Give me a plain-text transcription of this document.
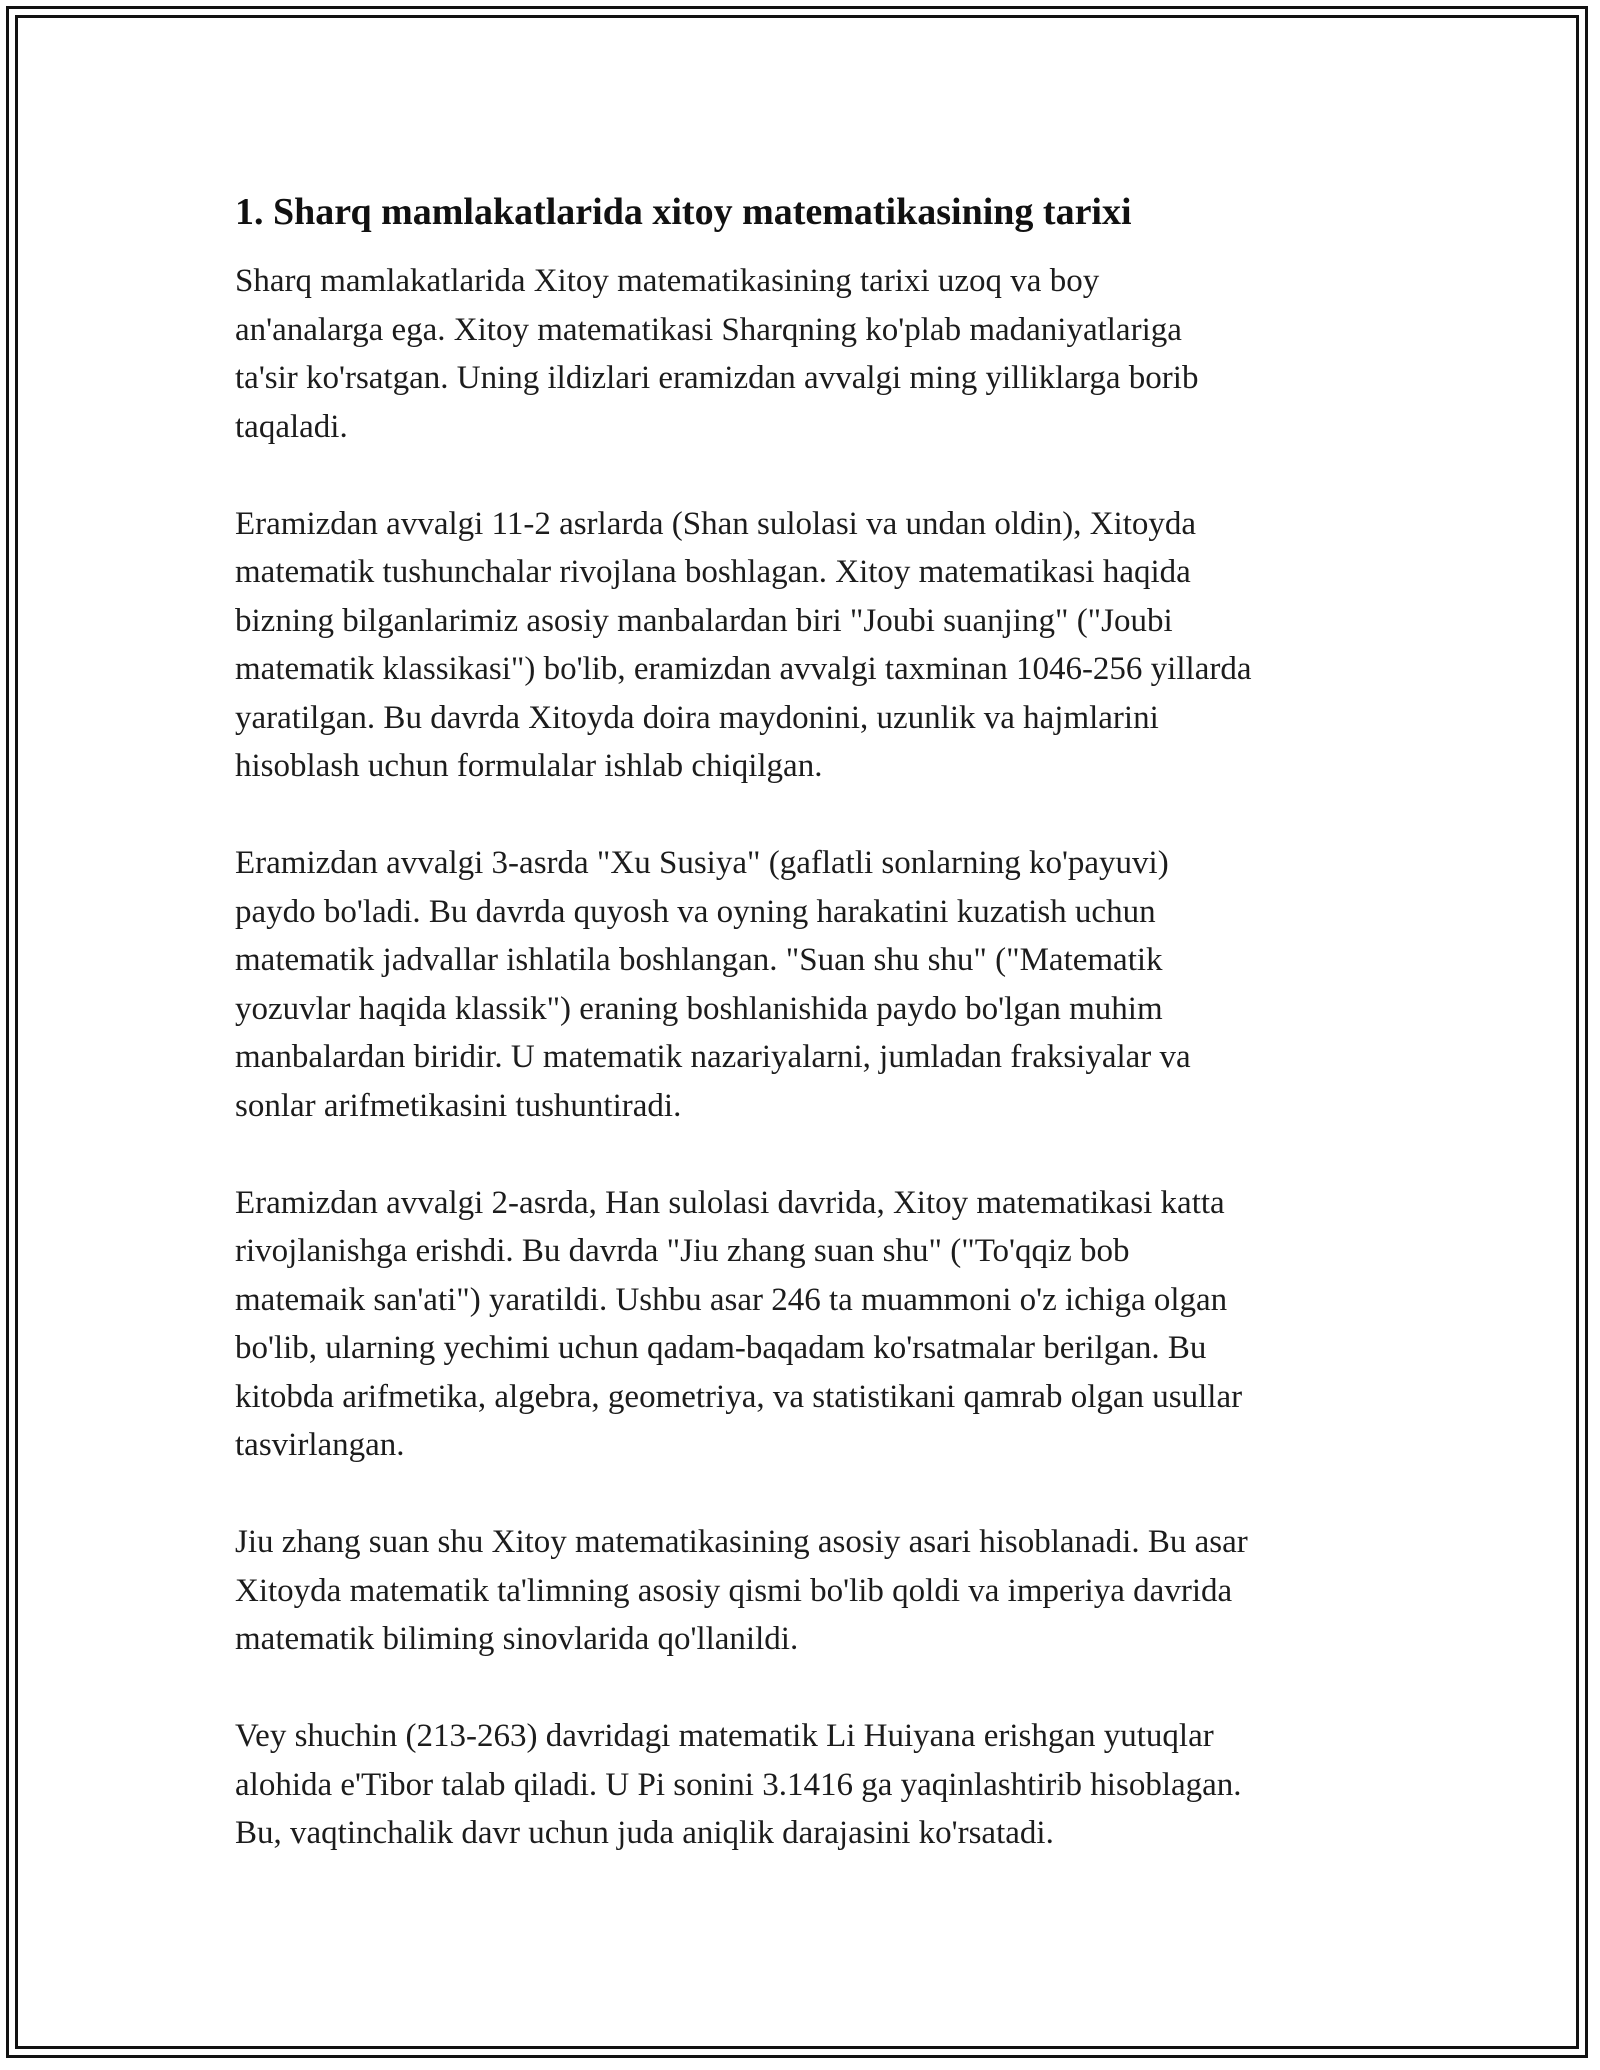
1. Sharq mamlakatlarida xitoy matematikasining tarixi

Sharq mamlakatlarida Xitoy matematikasining tarixi uzoq va boy
an'analarga ega. Xitoy matematikasi Sharqning ko'plab madaniyatlariga
ta'sir ko'rsatgan. Uning ildizlari eramizdan avvalgi ming yilliklarga borib
taqaladi.

Eramizdan avvalgi 11-2 asrlarda (Shan sulolasi va undan oldin), Xitoyda
matematik tushunchalar rivojlana boshlagan. Xitoy matematikasi haqida
bizning bilganlarimiz asosiy manbalardan biri "Joubi suanjing" ("Joubi
matematik klassikasi") bo'lib, eramizdan avvalgi taxminan 1046-256 yillarda
yaratilgan. Bu davrda Xitoyda doira maydonini, uzunlik va hajmlarini
hisoblash uchun formulalar ishlab chiqilgan.

Eramizdan avvalgi 3-asrda "Xu Susiya" (gaflatli sonlarning ko'payuvi)
paydo bo'ladi. Bu davrda quyosh va oyning harakatini kuzatish uchun
matematik jadvallar ishlatila boshlangan. "Suan shu shu" ("Matematik
yozuvlar haqida klassik") eraning boshlanishida paydo bo'lgan muhim
manbalardan biridir. U matematik nazariyalarni, jumladan fraksiyalar va
sonlar arifmetikasini tushuntiradi.

Eramizdan avvalgi 2-asrda, Han sulolasi davrida, Xitoy matematikasi katta
rivojlanishga erishdi. Bu davrda "Jiu zhang suan shu" ("To'qqiz bob
matemaik san'ati") yaratildi. Ushbu asar 246 ta muammoni o'z ichiga olgan
bo'lib, ularning yechimi uchun qadam-baqadam ko'rsatmalar berilgan. Bu
kitobda arifmetika, algebra, geometriya, va statistikani qamrab olgan usullar
tasvirlangan.

Jiu zhang suan shu Xitoy matematikasining asosiy asari hisoblanadi. Bu asar
Xitoyda matematik ta'limning asosiy qismi bo'lib qoldi va imperiya davrida
matematik biliming sinovlarida qo'llanildi.

Vey shuchin (213-263) davridagi matematik Li Huiyana erishgan yutuqlar
alohida e'Tibor talab qiladi. U Pi sonini 3.1416 ga yaqinlashtirib hisoblagan.
Bu, vaqtinchalik davr uchun juda aniqlik darajasini ko'rsatadi.
